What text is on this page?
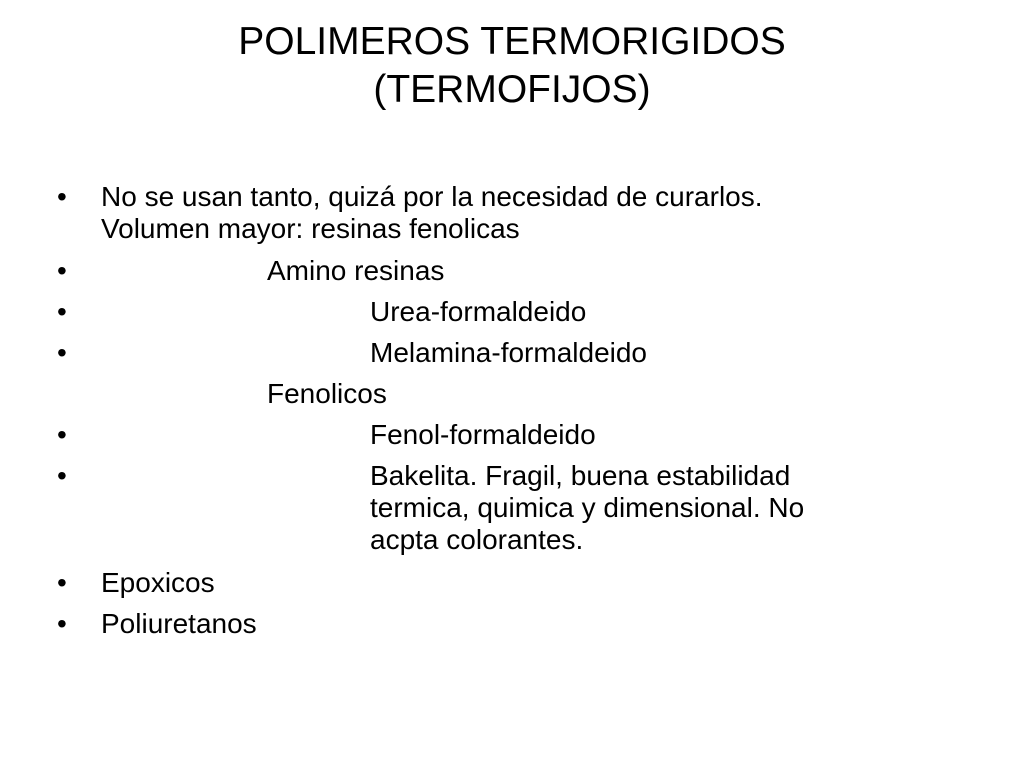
POLIMEROS TERMORIGIDOS
(TERMOFIJOS)
• No se usan tanto, quizá por la necesidad de curarlos.
Volumen mayor: resinas fenolicas
•	Amino resinas
•	Urea-formaldeido
•	Melamina-formaldeido
Fenolicos
•	Fenol-formaldeido
•	Bakelita. Fragil, buena estabilidad
termica, quimica y dimensional. No
acpta colorantes.
• Epoxicos
• Poliuretanos
